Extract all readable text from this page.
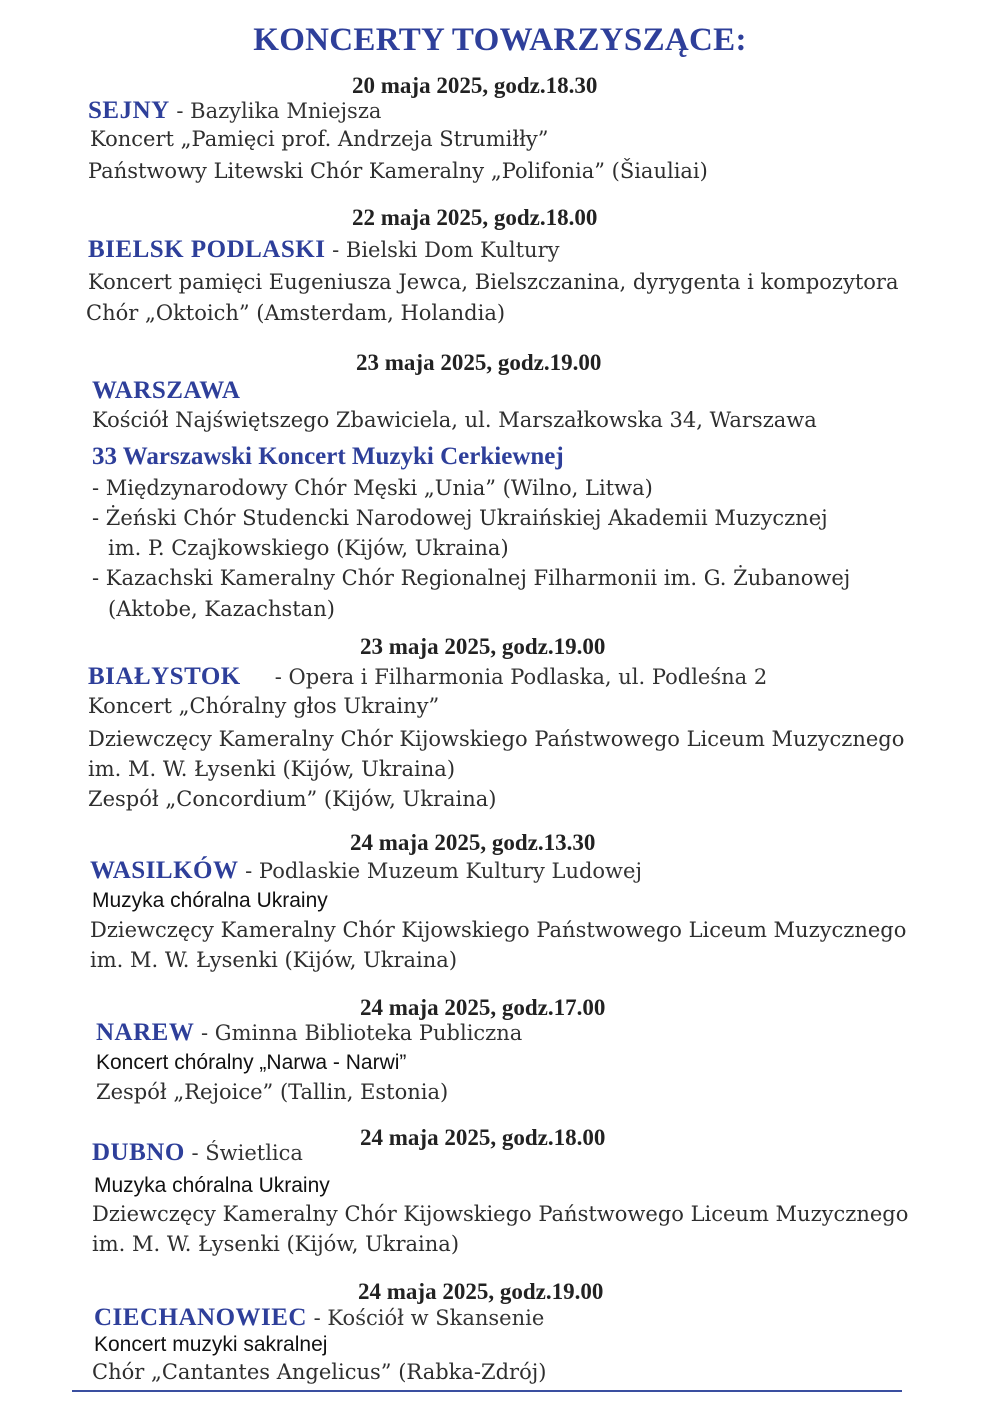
KONCERTY TOWARZYSZĄCE:
20 maja 2025, godz.18.30
SEJNY - Bazylika Mniejsza
Koncert „Pamięci prof. Andrzeja Strumiłły”
Państwowy Litewski Chór Kameralny „Polifonia” (Šiauliai)
22 maja 2025, godz.18.00
BIELSK PODLASKI - Bielski Dom Kultury
Koncert pamięci Eugeniusza Jewca, Bielszczanina, dyrygenta i kompozytora
Chór „Oktoich” (Amsterdam, Holandia)
23 maja 2025, godz.19.00
WARSZAWA
Kościół Najświętszego Zbawiciela, ul. Marszałkowska 34, Warszawa
33 Warszawski Koncert Muzyki Cerkiewnej
- Międzynarodowy Chór Męski „Unia” (Wilno, Litwa)
- Żeński Chór Studencki Narodowej Ukraińskiej Akademii Muzycznej
im. P. Czajkowskiego (Kijów, Ukraina)
- Kazachski Kameralny Chór Regionalnej Filharmonii im. G. Żubanowej
(Aktobe, Kazachstan)
23 maja 2025, godz.19.00
BIAŁYSTOK - Opera i Filharmonia Podlaska, ul. Podleśna 2
Koncert „Chóralny głos Ukrainy”
Dziewczęcy Kameralny Chór Kijowskiego Państwowego Liceum Muzycznego
im. M. W. Łysenki (Kijów, Ukraina)
Zespół „Concordium” (Kijów, Ukraina)
24 maja 2025, godz.13.30
WASILKÓW - Podlaskie Muzeum Kultury Ludowej
Muzyka chóralna Ukrainy
Dziewczęcy Kameralny Chór Kijowskiego Państwowego Liceum Muzycznego
im. M. W. Łysenki (Kijów, Ukraina)
24 maja 2025, godz.17.00
NAREW - Gminna Biblioteka Publiczna
Koncert chóralny „Narwa - Narwi”
Zespół „Rejoice” (Tallin, Estonia)
24 maja 2025, godz.18.00
DUBNO - Świetlica
Muzyka chóralna Ukrainy
Dziewczęcy Kameralny Chór Kijowskiego Państwowego Liceum Muzycznego
im. M. W. Łysenki (Kijów, Ukraina)
24 maja 2025, godz.19.00
CIECHANOWIEC - Kościół w Skansenie
Koncert muzyki sakralnej
Chór „Cantantes Angelicus” (Rabka-Zdrój)
